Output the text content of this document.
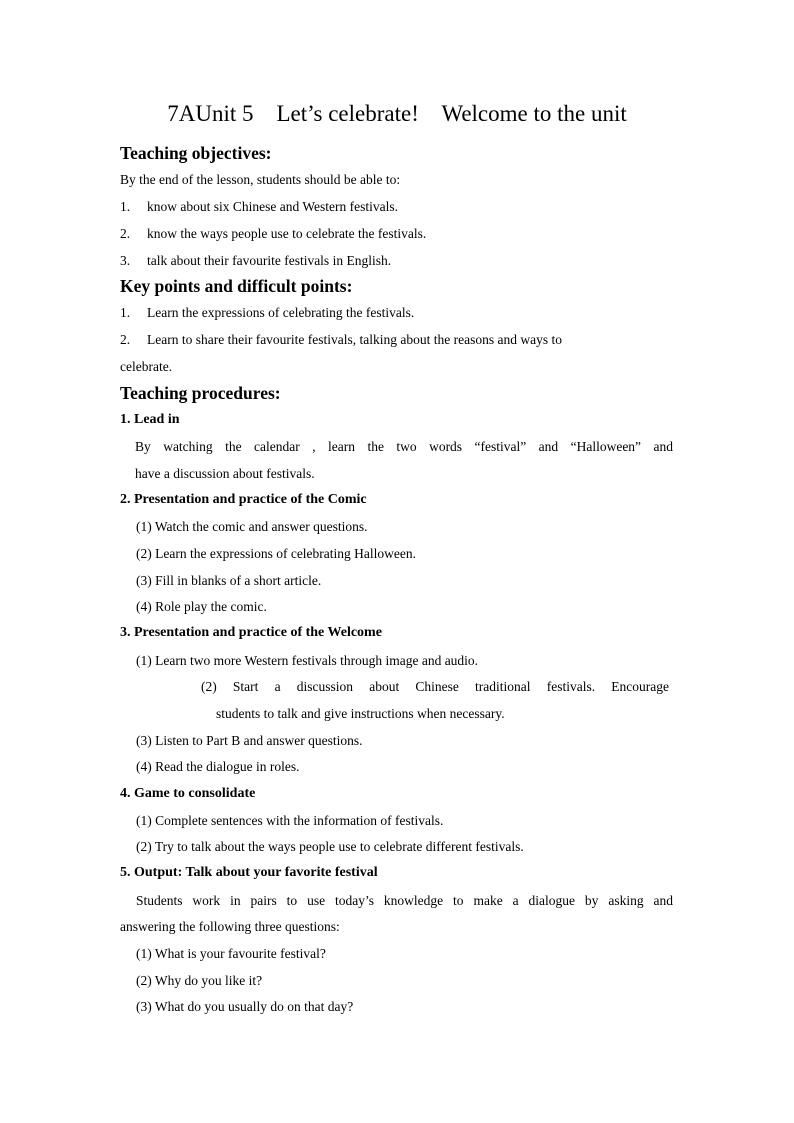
7AUnit 5 Let’s celebrate! Welcome to the unit
Teaching objectives:
By the end of the lesson, students should be able to:
1. know about six Chinese and Western festivals.
2. know the ways people use to celebrate the festivals.
3. talk about their favourite festivals in English.
Key points and difficult points:
1. Learn the expressions of celebrating the festivals.
2. Learn to share their favourite festivals, talking about the reasons and ways to
celebrate.
Teaching procedures:
1. Lead in
By watching the calendar , learn the two words “festival” and “Halloween” and
have a discussion about festivals.
2. Presentation and practice of the Comic
(1) Watch the comic and answer questions.
(2) Learn the expressions of celebrating Halloween.
(3) Fill in blanks of a short article.
(4) Role play the comic.
3. Presentation and practice of the Welcome
(1) Learn two more Western festivals through image and audio.
(2) Start a discussion about Chinese traditional festivals. Encourage
students to talk and give instructions when necessary.
(3) Listen to Part B and answer questions.
(4) Read the dialogue in roles.
4. Game to consolidate
(1) Complete sentences with the information of festivals.
(2) Try to talk about the ways people use to celebrate different festivals.
5. Output: Talk about your favorite festival
Students work in pairs to use today’s knowledge to make a dialogue by asking and
answering the following three questions:
(1) What is your favourite festival?
(2) Why do you like it?
(3) What do you usually do on that day?
